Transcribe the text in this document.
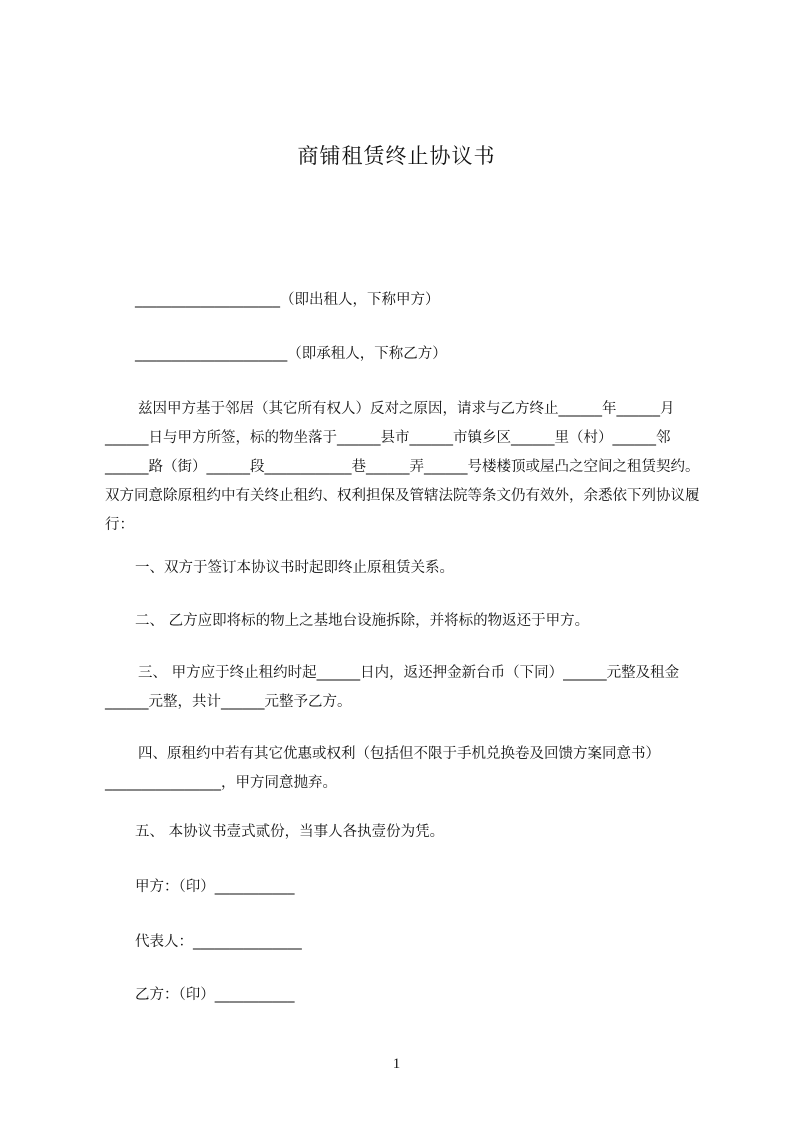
商铺租赁终止协议书
____________________（即出租人，下称甲方）
_____________________（即承租人，下称乙方）
兹因甲方基于邻居（其它所有权人）反对之原因，请求与乙方终止______年______月______日与甲方所签，标的物坐落于______县市______市镇乡区______里（村）______邻______路（街）______段____________巷______弄______号楼楼顶或屋凸之空间之租赁契约。双方同意除原租约中有关终止租约、权利担保及管辖法院等条文仍有效外，余悉依下列协议履行：
一、双方于签订本协议书时起即终止原租赁关系。
二、 乙方应即将标的物上之基地台设施拆除，并将标的物返还于甲方。
三、 甲方应于终止租约时起______日内，返还押金新台币（下同）______元整及租金______元整，共计______元整予乙方。
四、原租约中若有其它优惠或权利（包括但不限于手机兑换卷及回馈方案同意书）________________，甲方同意抛弃。
五、 本协议书壹式贰份，当事人各执壹份为凭。
甲方：（印）___________
代表人：_______________
乙方：（印）___________
1
